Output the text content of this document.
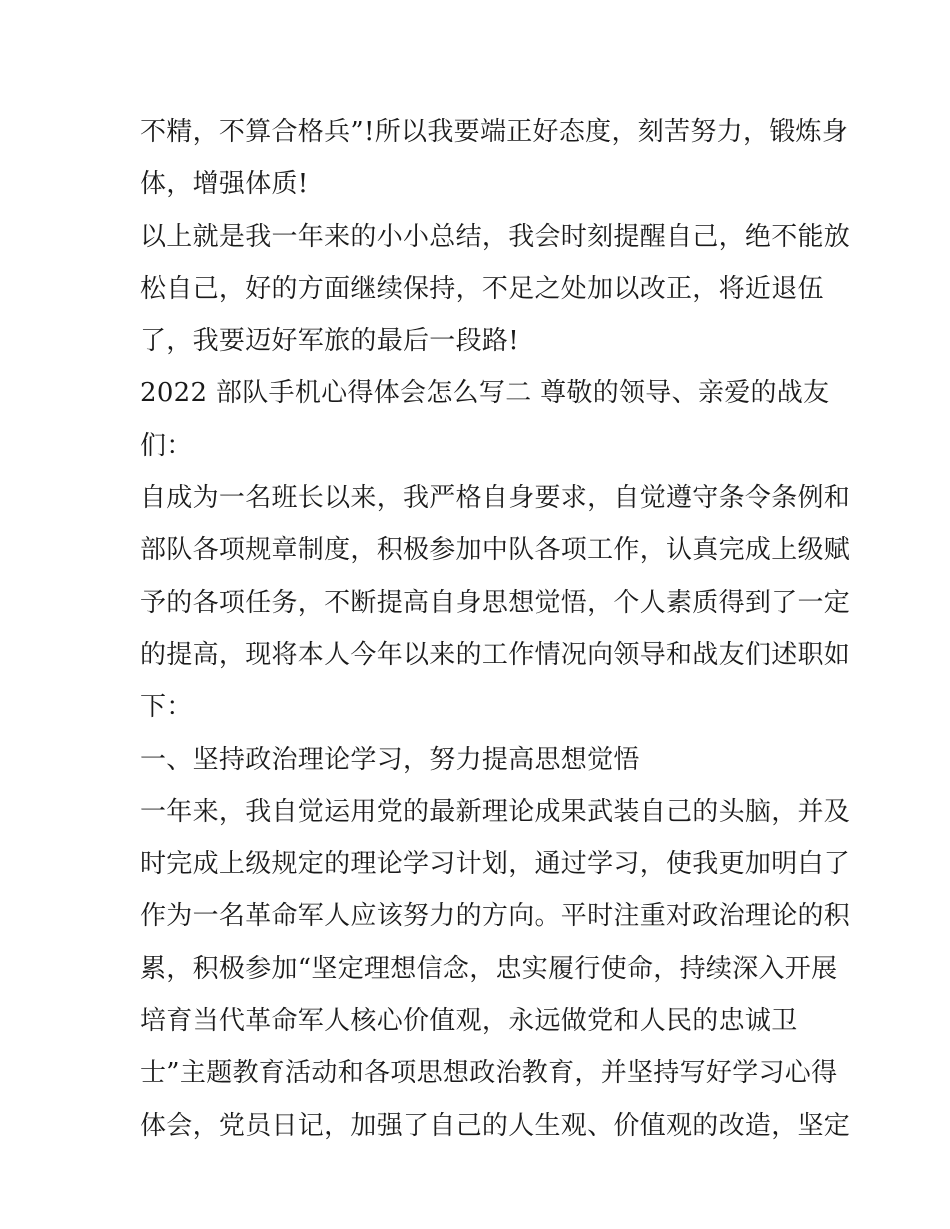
不精，不算合格兵”!所以我要端正好态度，刻苦努力，锻炼身
体，增强体质!
以上就是我一年来的小小总结，我会时刻提醒自己，绝不能放
松自己，好的方面继续保持，不足之处加以改正，将近退伍
了，我要迈好军旅的最后一段路!
2022 部队手机心得体会怎么写二 尊敬的领导、亲爱的战友
们：
自成为一名班长以来，我严格自身要求，自觉遵守条令条例和
部队各项规章制度，积极参加中队各项工作，认真完成上级赋
予的各项任务，不断提高自身思想觉悟，个人素质得到了一定
的提高，现将本人今年以来的工作情况向领导和战友们述职如
下：
一、坚持政治理论学习，努力提高思想觉悟
一年来，我自觉运用党的最新理论成果武装自己的头脑，并及
时完成上级规定的理论学习计划，通过学习，使我更加明白了
作为一名革命军人应该努力的方向。平时注重对政治理论的积
累，积极参加“坚定理想信念，忠实履行使命，持续深入开展
培育当代革命军人核心价值观，永远做党和人民的忠诚卫
士”主题教育活动和各项思想政治教育，并坚持写好学习心得
体会，党员日记，加强了自己的人生观、价值观的改造，坚定
